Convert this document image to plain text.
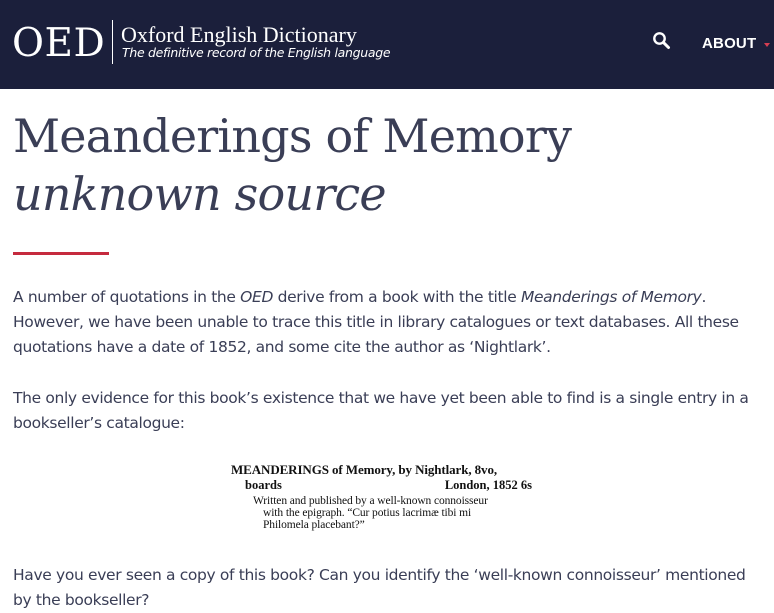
OED Oxford English Dictionary
The definitive record of the English language
ABOUT
Meanderings of Memory unknown source

A number of quotations in the OED derive from a book with the title Meanderings of Memory. However, we have been unable to trace this title in library catalogues or text databases. All these quotations have a date of 1852, and some cite the author as ‘Nightlark’.

The only evidence for this book’s existence that we have yet been able to find is a single entry in a bookseller’s catalogue:

MEANDERINGS of Memory, by Nightlark, 8vo,
boards	London, 1852 6s
Written and published by a well-known connoisseur
with the epigraph. “Cur potius lacrimæ tibi mi
Philomela placebant?”

Have you ever seen a copy of this book? Can you identify the ‘well-known connoisseur’ mentioned by the bookseller?
